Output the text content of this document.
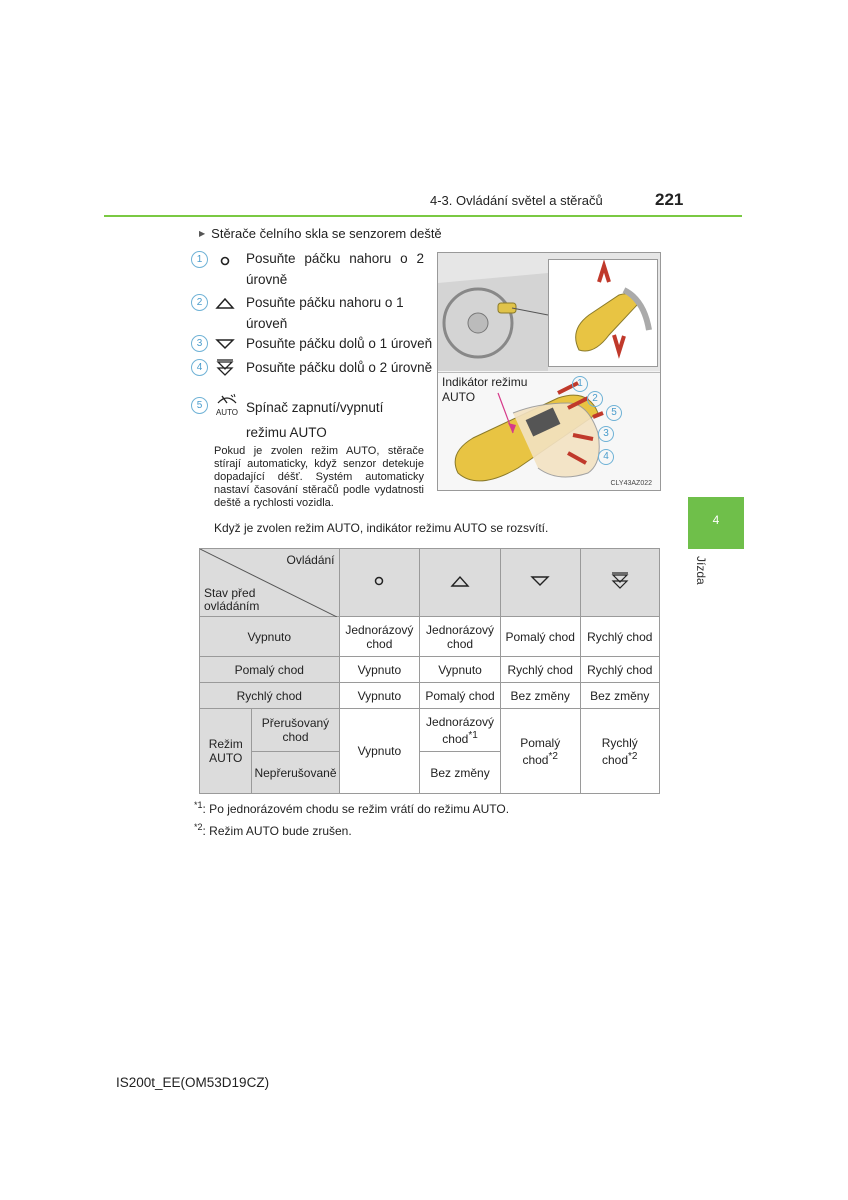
4-3. Ovládání světel a stěračů	221
4
Jízda
▶ Stěrače čelního skla se senzorem deště
1	Posuňte páčku nahoru o 2 úrovně
2	Posuňte páčku nahoru o 1 úroveň
3	Posuňte páčku dolů o 1 úroveň
4	Posuňte páčku dolů o 2 úrovně
5
AUTO Spínač zapnutí/vypnutí režimu AUTO
Pokud je zvolen režim AUTO, stěrače stírají automaticky, když senzor detekuje dopadající déšť. Systém automaticky nastaví časování stěračů podle vydatnosti deště a rychlosti vozidla.
Když je zvolen režim AUTO, indikátor režimu AUTO se rozsvítí.
Indikátor režimu AUTO
1
2
5
3
4
CLY43AZ022
Ovládání
Stav před ovládáním

Vypnuto		Jednorázový chod	Jednorázový chod	Pomalý chod	Rychlý chod
Pomalý chod		Vypnuto	Vypnuto	Rychlý chod	Rychlý chod
Rychlý chod		Vypnuto	Pomalý chod	Bez změny	Bez změny
Režim AUTO	Přerušovaný chod	Vypnuto	Jednorázový chod$^{*1}$	Pomalý chod$^{*2}$	Rychlý chod$^{*2}$
	Nepřerušovaně		Bez změny		
$^{*1}$: Po jednorázovém chodu se režim vrátí do režimu AUTO.
$^{*2}$: Režim AUTO bude zrušen.
IS200t_EE(OM53D19CZ)
